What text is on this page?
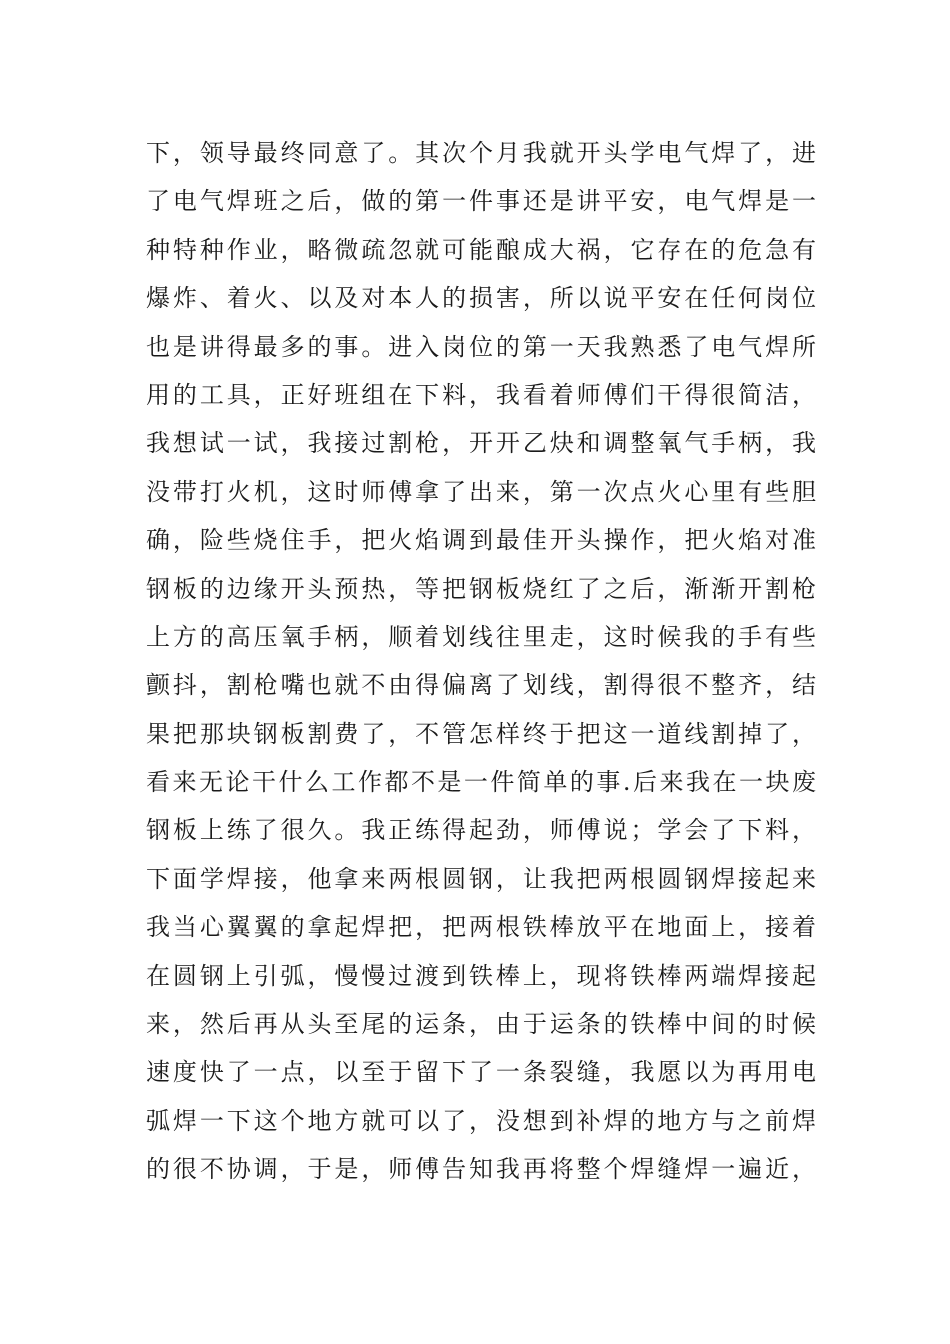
下，领导最终同意了。其次个月我就开头学电气焊了，进
了电气焊班之后，做的第一件事还是讲平安，电气焊是一
种特种作业，略微疏忽就可能酿成大祸，它存在的危急有
爆炸、着火、以及对本人的损害，所以说平安在任何岗位
也是讲得最多的事。进入岗位的第一天我熟悉了电气焊所
用的工具，正好班组在下料，我看着师傅们干得很简洁，
我想试一试，我接过割枪，开开乙炔和调整氧气手柄，我
没带打火机，这时师傅拿了出来，第一次点火心里有些胆
确，险些烧住手，把火焰调到最佳开头操作，把火焰对准
钢板的边缘开头预热，等把钢板烧红了之后，渐渐开割枪
上方的高压氧手柄，顺着划线往里走，这时候我的手有些
颤抖，割枪嘴也就不由得偏离了划线，割得很不整齐，结
果把那块钢板割费了，不管怎样终于把这一道线割掉了，
看来无论干什么工作都不是一件简单的事.后来我在一块废
钢板上练了很久。我正练得起劲，师傅说；学会了下料，
下面学焊接，他拿来两根圆钢，让我把两根圆钢焊接起来
我当心翼翼的拿起焊把，把两根铁棒放平在地面上，接着
在圆钢上引弧，慢慢过渡到铁棒上，现将铁棒两端焊接起
来，然后再从头至尾的运条，由于运条的铁棒中间的时候
速度快了一点，以至于留下了一条裂缝，我愿以为再用电
弧焊一下这个地方就可以了，没想到补焊的地方与之前焊
的很不协调，于是，师傅告知我再将整个焊缝焊一遍近，
